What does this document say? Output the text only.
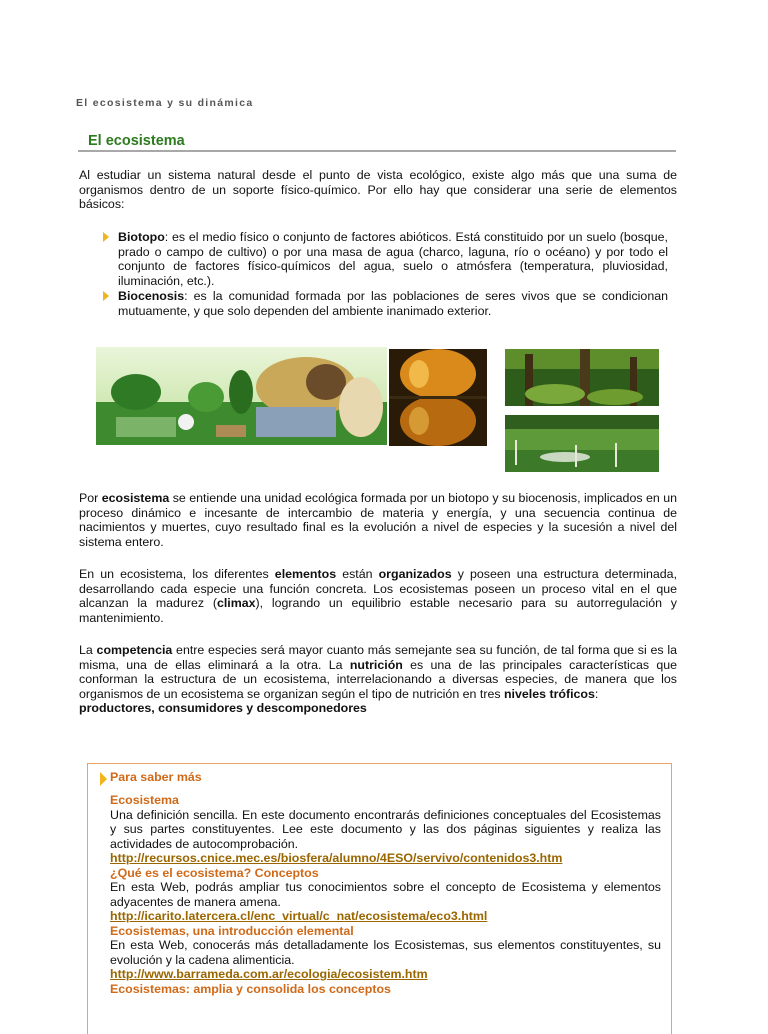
El ecosistema y su dinámica
El ecosistema

Al estudiar un sistema natural desde el punto de vista ecológico, existe algo más que una suma de organismos dentro de un soporte físico-químico. Por ello hay que considerar una serie de elementos básicos:

Biotopo: es el medio físico o conjunto de factores abióticos. Está constituido por un suelo (bosque, prado o campo de cultivo) o por una masa de agua (charco, laguna, río o océano) y por todo el conjunto de factores físico-químicos del agua, suelo o atmósfera (temperatura, pluviosidad, iluminación, etc.).
Biocenosis: es la comunidad formada por las poblaciones de seres vivos que se condicionan mutuamente, y que solo dependen del ambiente inanimado exterior.

Por ecosistema se entiende una unidad ecológica formada por un biotopo y su biocenosis, implicados en un proceso dinámico e incesante de intercambio de materia y energía, y una secuencia continua de nacimientos y muertes, cuyo resultado final es la evolución a nivel de especies y la sucesión a nivel del sistema entero.

En un ecosistema, los diferentes elementos están organizados y poseen una estructura determinada, desarrollando cada especie una función concreta. Los ecosistemas poseen un proceso vital en el que alcanzan la madurez (climax), logrando un equilibrio estable necesario para su autorregulación y mantenimiento.

La competencia entre especies será mayor cuanto más semejante sea su función, de tal forma que si es la misma, una de ellas eliminará a la otra. La nutrición es una de las principales características que conforman la estructura de un ecosistema, interrelacionando a diversas especies, de manera que los organismos de un ecosistema se organizan según el tipo de nutrición en tres niveles tróficos:
productores, consumidores y descomponedores

Para saber más
Ecosistema
Una definición sencilla. En este documento encontrarás definiciones conceptuales del Ecosistemas y sus partes constituyentes. Lee este documento y las dos páginas siguientes y realiza las actividades de autocomprobación.
http://recursos.cnice.mec.es/biosfera/alumno/4ESO/servivo/contenidos3.htm
¿Qué es el ecosistema? Conceptos
En esta Web, podrás ampliar tus conocimientos sobre el concepto de Ecosistema y elementos adyacentes de manera amena.
http://icarito.latercera.cl/enc_virtual/c_nat/ecosistema/eco3.html
Ecosistemas, una introducción elemental
En esta Web, conocerás más detalladamente los Ecosistemas, sus elementos constituyentes, su evolución y la cadena alimenticia.
http://www.barrameda.com.ar/ecologia/ecosistem.htm
Ecosistemas: amplia y consolida los conceptos
